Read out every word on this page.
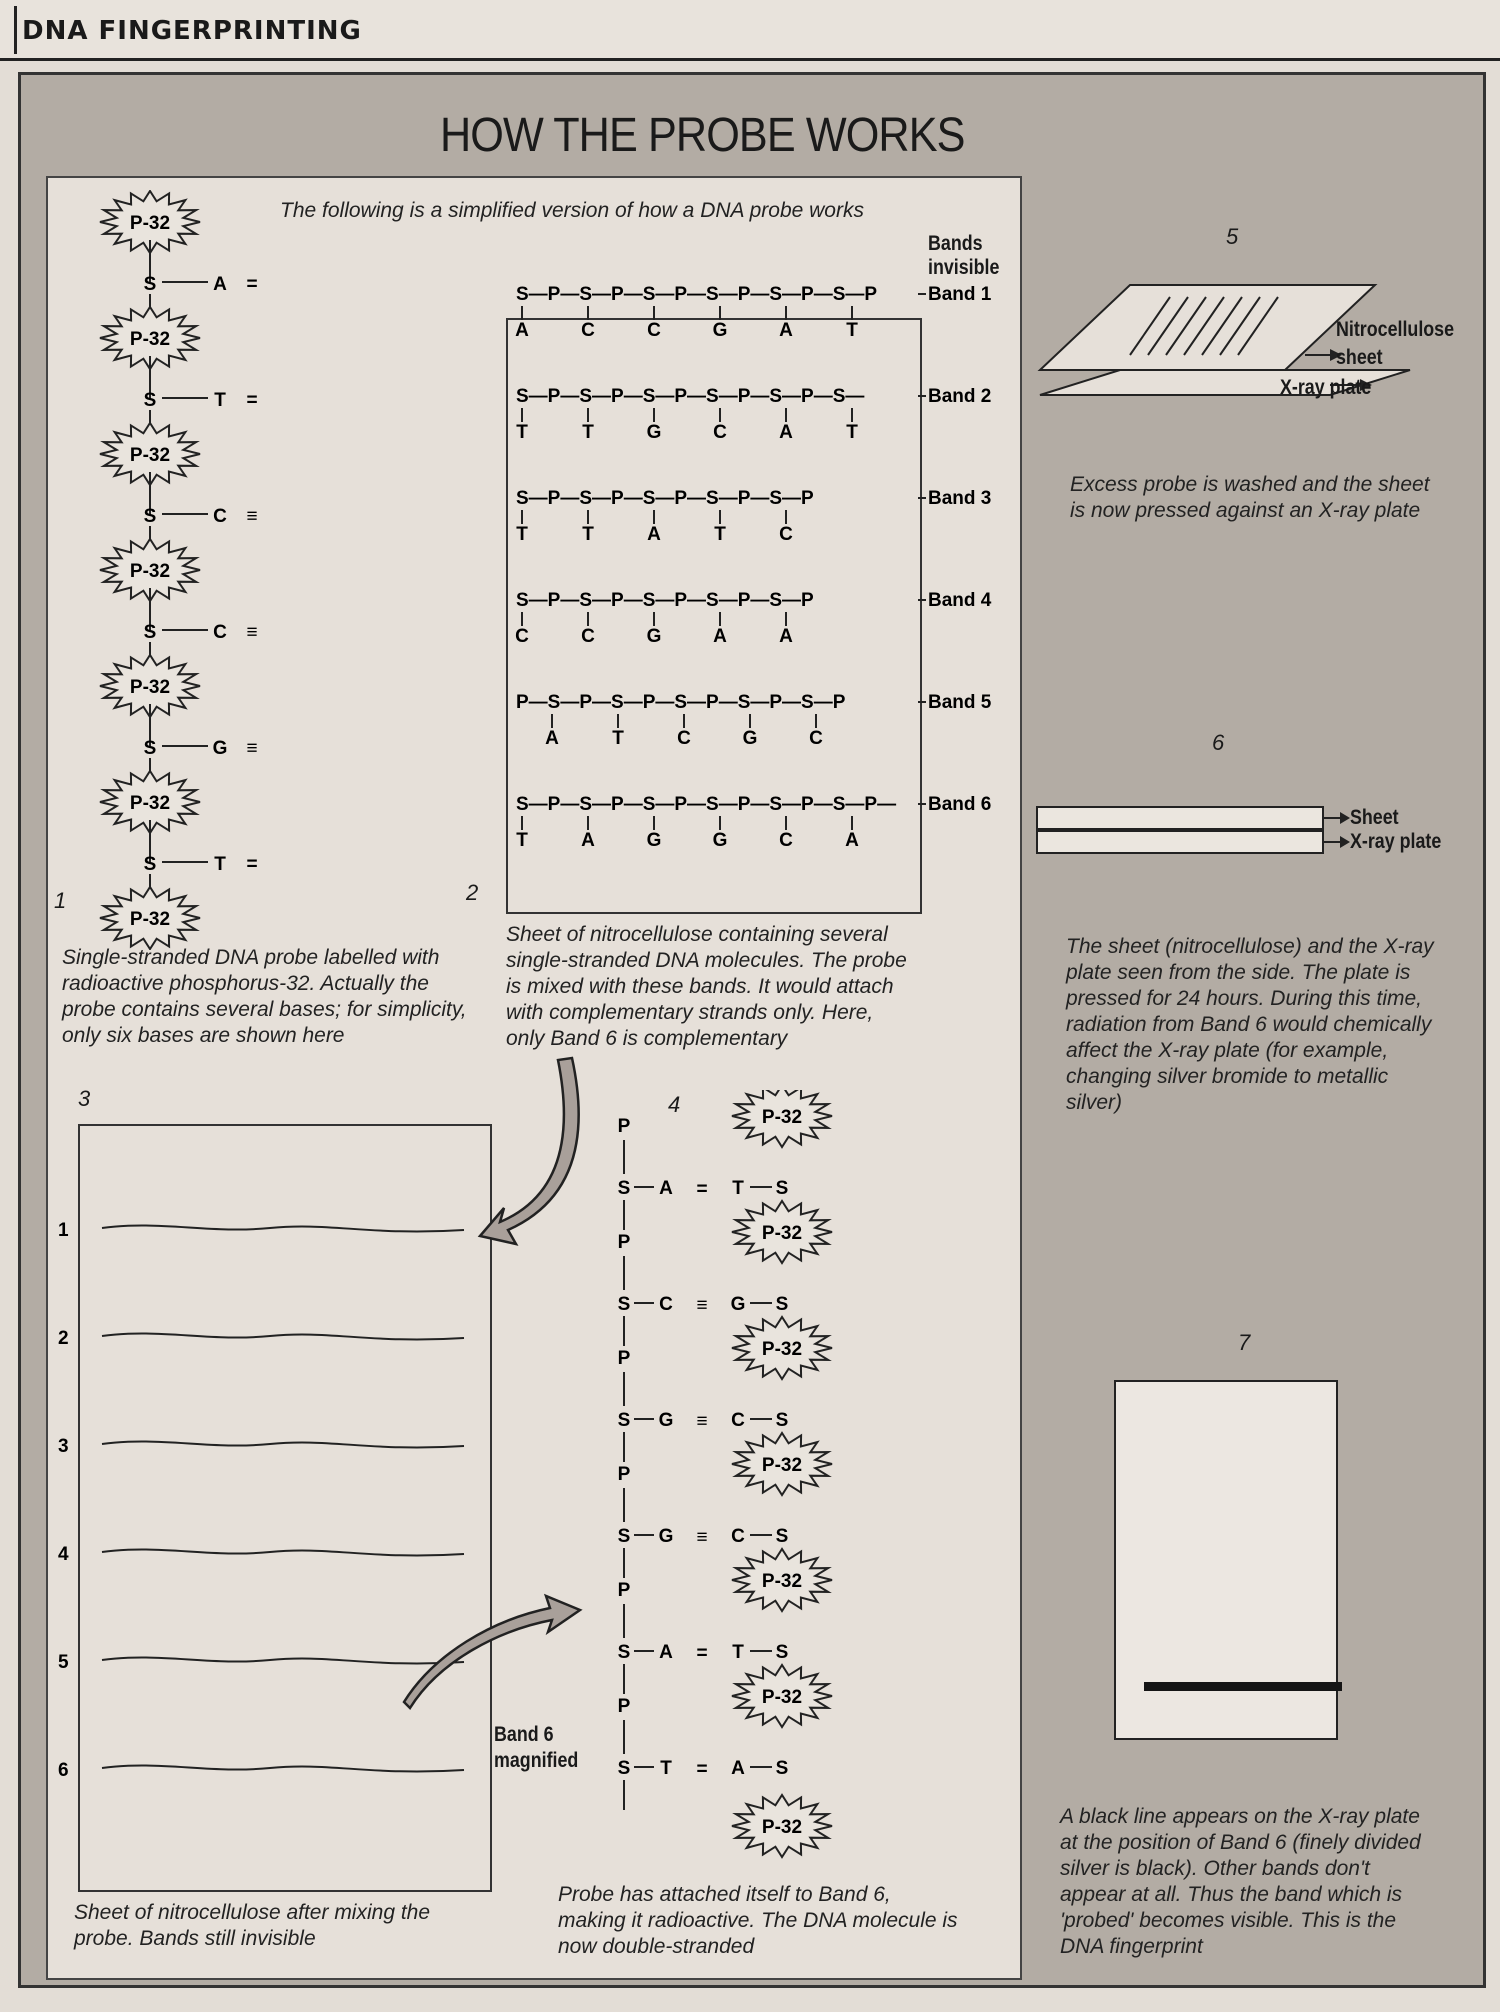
DNA FINGERPRINTING
HOW THE PROBE WORKS
The following is a simplified version of how a DNA probe works
P-32
S	A =
P-32
S	T =
P-32
S	C ≡
P-32
S	C ≡
P-32
S	G ≡
P-32
S	T =
P-32
1
Single-stranded DNA probe labelled with radioactive phosphorus-32. Actually the probe contains several bases; for simplicity, only six bases are shown here
Bands invisible
S—P—S—P—S—P—S—P—S—P—S—P
A	C	C	G	A	T
Band 1
S—P—S—P—S—P—S—P—S—P—S—
T	T	G	C	A	T
Band 2
S—P—S—P—S—P—S—P—S—P
T	T	A	T	C
Band 3
S—P—S—P—S—P—S—P—S—P
C	C	G	A	A
Band 4
P—S—P—S—P—S—P—S—P—S—P
A	T	C	G	C
Band 5
S—P—S—P—S—P—S—P—S—P—S—P—
T	A	G	G	C	A
Band 6
2
Sheet of nitrocellulose containing several single-stranded DNA molecules. The probe is mixed with these bands. It would attach with complementary strands only. Here, only Band 6 is complementary
3
1
2
3
4
5
6
Sheet of nitrocellulose after mixing the probe. Bands still invisible
Band 6 magnified
4
P
S A = T S
P-32
P
S C ≡ G S
P-32
P
S G ≡ C S
P-32
P
S G ≡ C S
P-32
P
S A = T S
P-32
P
S T = A S
P-32
P-32
Probe has attached itself to Band 6, making it radioactive. The DNA molecule is now double-stranded
5
Nitrocellulose sheet
X-ray plate
Excess probe is washed and the sheet is now pressed against an X-ray plate
6
Sheet
X-ray plate
The sheet (nitrocellulose) and the X-ray plate seen from the side. The plate is pressed for 24 hours. During this time, radiation from Band 6 would chemically affect the X-ray plate (for example, changing silver bromide to metallic silver)
7
A black line appears on the X-ray plate at the position of Band 6 (finely divided silver is black). Other bands don't appear at all. Thus the band which is 'probed' becomes visible. This is the DNA fingerprint
